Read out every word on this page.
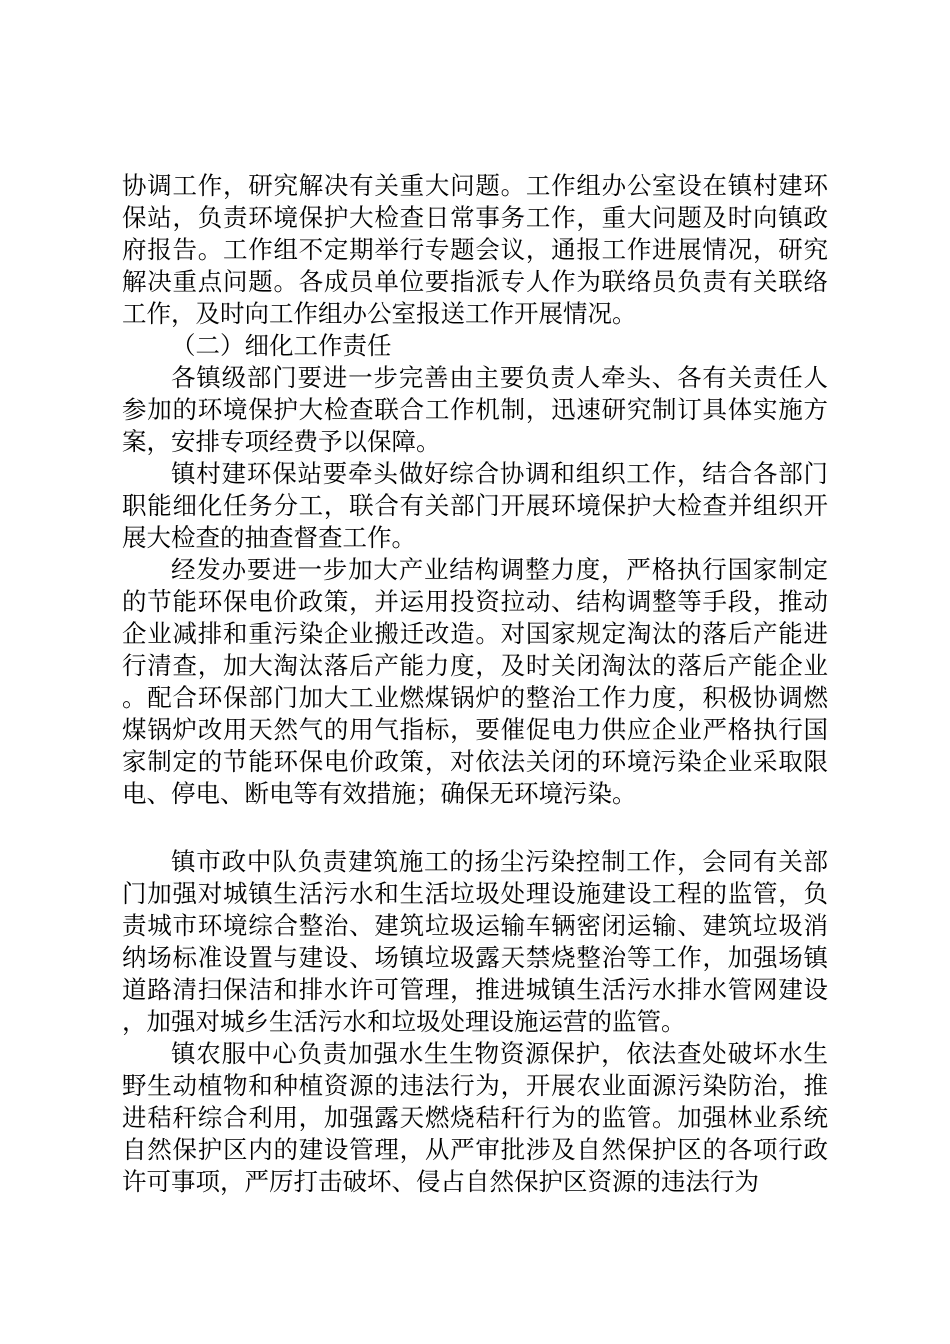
协调工作，研究解决有关重大问题。工作组办公室设在镇村建环保站，负责环境保护大检查日常事务工作，重大问题及时向镇政府报告。工作组不定期举行专题会议，通报工作进展情况，研究解决重点问题。各成员单位要指派专人作为联络员负责有关联络工作，及时向工作组办公室报送工作开展情况。

（二）细化工作责任

各镇级部门要进一步完善由主要负责人牵头、各有关责任人参加的环境保护大检查联合工作机制，迅速研究制订具体实施方案，安排专项经费予以保障。

镇村建环保站要牵头做好综合协调和组织工作，结合各部门职能细化任务分工，联合有关部门开展环境保护大检查并组织开展大检查的抽查督查工作。

经发办要进一步加大产业结构调整力度，严格执行国家制定的节能环保电价政策，并运用投资拉动、结构调整等手段，推动企业减排和重污染企业搬迁改造。对国家规定淘汰的落后产能进行清查，加大淘汰落后产能力度，及时关闭淘汰的落后产能企业。配合环保部门加大工业燃煤锅炉的整治工作力度，积极协调燃煤锅炉改用天然气的用气指标，要催促电力供应企业严格执行国家制定的节能环保电价政策，对依法关闭的环境污染企业采取限电、停电、断电等有效措施；确保无环境污染。

镇市政中队负责建筑施工的扬尘污染控制工作，会同有关部门加强对城镇生活污水和生活垃圾处理设施建设工程的监管，负责城市环境综合整治、建筑垃圾运输车辆密闭运输、建筑垃圾消纳场标准设置与建设、场镇垃圾露天禁烧整治等工作，加强场镇道路清扫保洁和排水许可管理，推进城镇生活污水排水管网建设，加强对城乡生活污水和垃圾处理设施运营的监管。

镇农服中心负责加强水生生物资源保护，依法查处破坏水生野生动植物和种植资源的违法行为，开展农业面源污染防治，推进秸秆综合利用，加强露天燃烧秸秆行为的监管。加强林业系统自然保护区内的建设管理，从严审批涉及自然保护区的各项行政许可事项，严厉打击破坏、侵占自然保护区资源的违法行为
